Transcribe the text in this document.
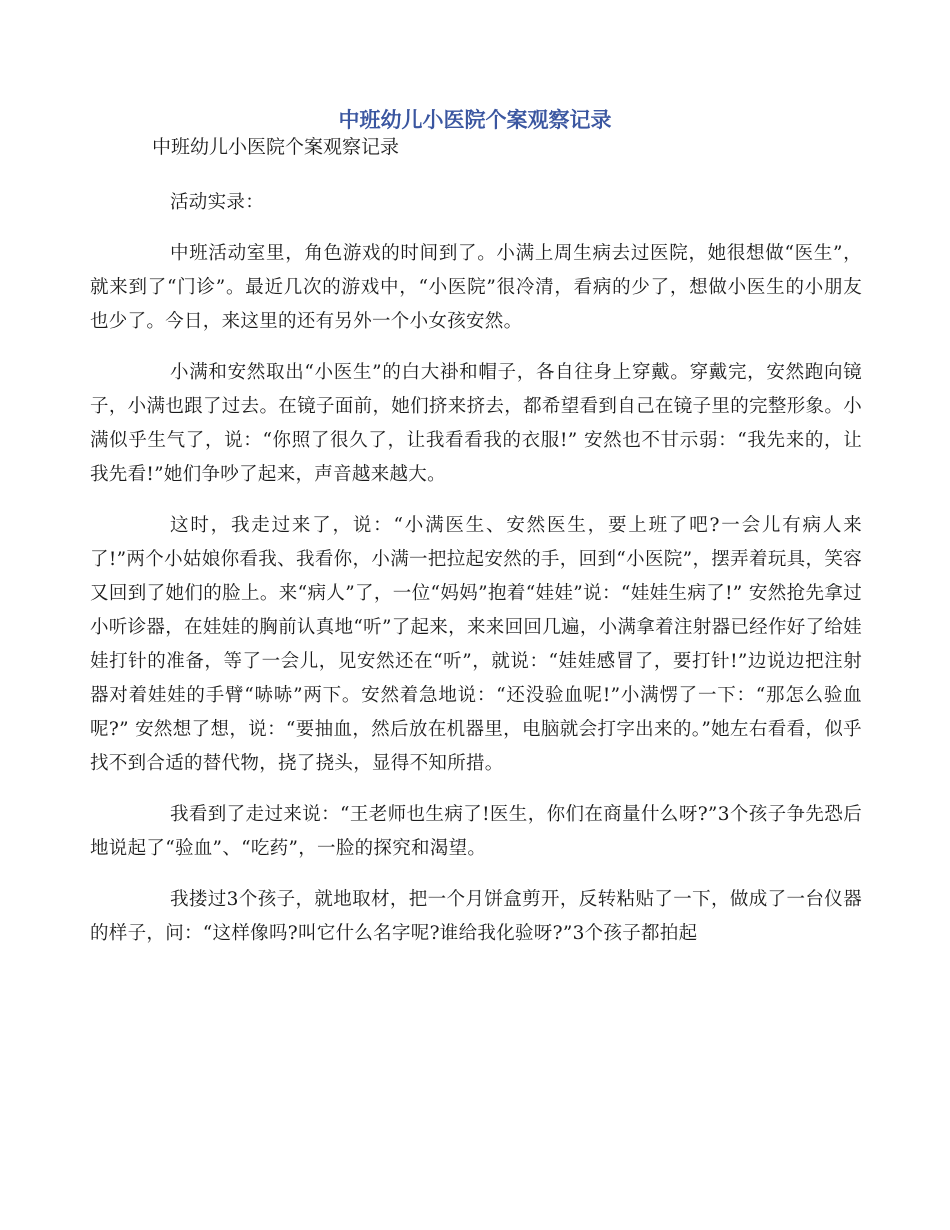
中班幼儿小医院个案观察记录

中班幼儿小医院个案观察记录

活动实录：

中班活动室里，角色游戏的时间到了。小满上周生病去过医院，她很想做“医生”，就来到了“门诊”。最近几次的游戏中，“小医院”很冷清，看病的少了，想做小医生的小朋友也少了。今日，来这里的还有另外一个小女孩安然。

小满和安然取出“小医生”的白大褂和帽子，各自往身上穿戴。穿戴完，安然跑向镜子，小满也跟了过去。在镜子面前，她们挤来挤去，都希望看到自己在镜子里的完整形象。小满似乎生气了，说：“你照了很久了，让我看看我的衣服!” 安然也不甘示弱：“我先来的，让我先看!”她们争吵了起来，声音越来越大。

这时，我走过来了，说：“小满医生、安然医生，要上班了吧?一会儿有病人来了!”两个小姑娘你看我、我看你，小满一把拉起安然的手，回到“小医院”，摆弄着玩具，笑容又回到了她们的脸上。来“病人”了，一位“妈妈”抱着“娃娃”说：“娃娃生病了!” 安然抢先拿过小听诊器，在娃娃的胸前认真地“听”了起来，来来回回几遍，小满拿着注射器已经作好了给娃娃打针的准备，等了一会儿，见安然还在“听”，就说：“娃娃感冒了，要打针!”边说边把注射器对着娃娃的手臂“哧哧”两下。安然着急地说：“还没验血呢!”小满愣了一下：“那怎么验血呢?” 安然想了想，说：“要抽血，然后放在机器里，电脑就会打字出来的。”她左右看看，似乎找不到合适的替代物，挠了挠头，显得不知所措。

我看到了走过来说：“王老师也生病了!医生，你们在商量什么呀?”3个孩子争先恐后地说起了“验血”、“吃药”，一脸的探究和渴望。

我搂过3个孩子，就地取材，把一个月饼盒剪开，反转粘贴了一下，做成了一台仪器的样子，问：“这样像吗?叫它什么名字呢?谁给我化验呀?”3个孩子都拍起
